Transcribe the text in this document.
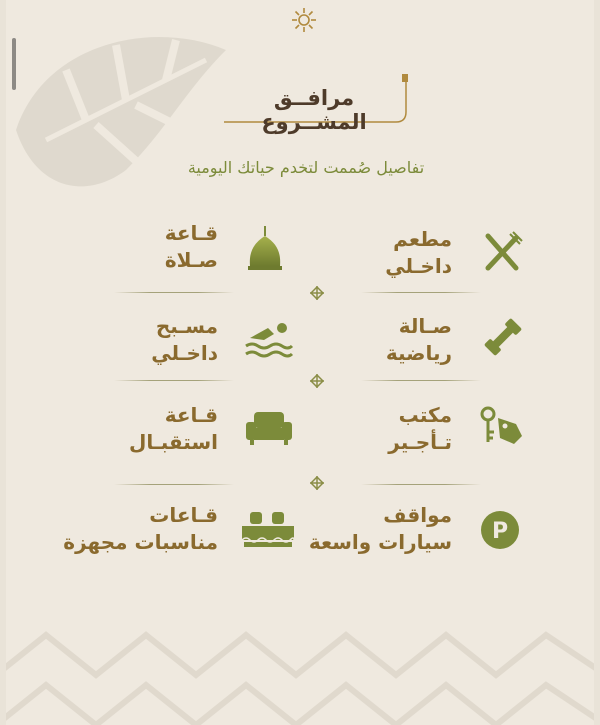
مرافــق المشــروع
تفاصيل صُممت لتخدم حياتك اليومية
مطعم
داخـلي
قـاعة
صـلاة
صـالة
رياضية
مسـبح
داخـلي
مكتب
تـأجـير
قـاعة
استقبـال
مواقف
سيارات واسعة P
قـاعات
مناسبات مجهزة
